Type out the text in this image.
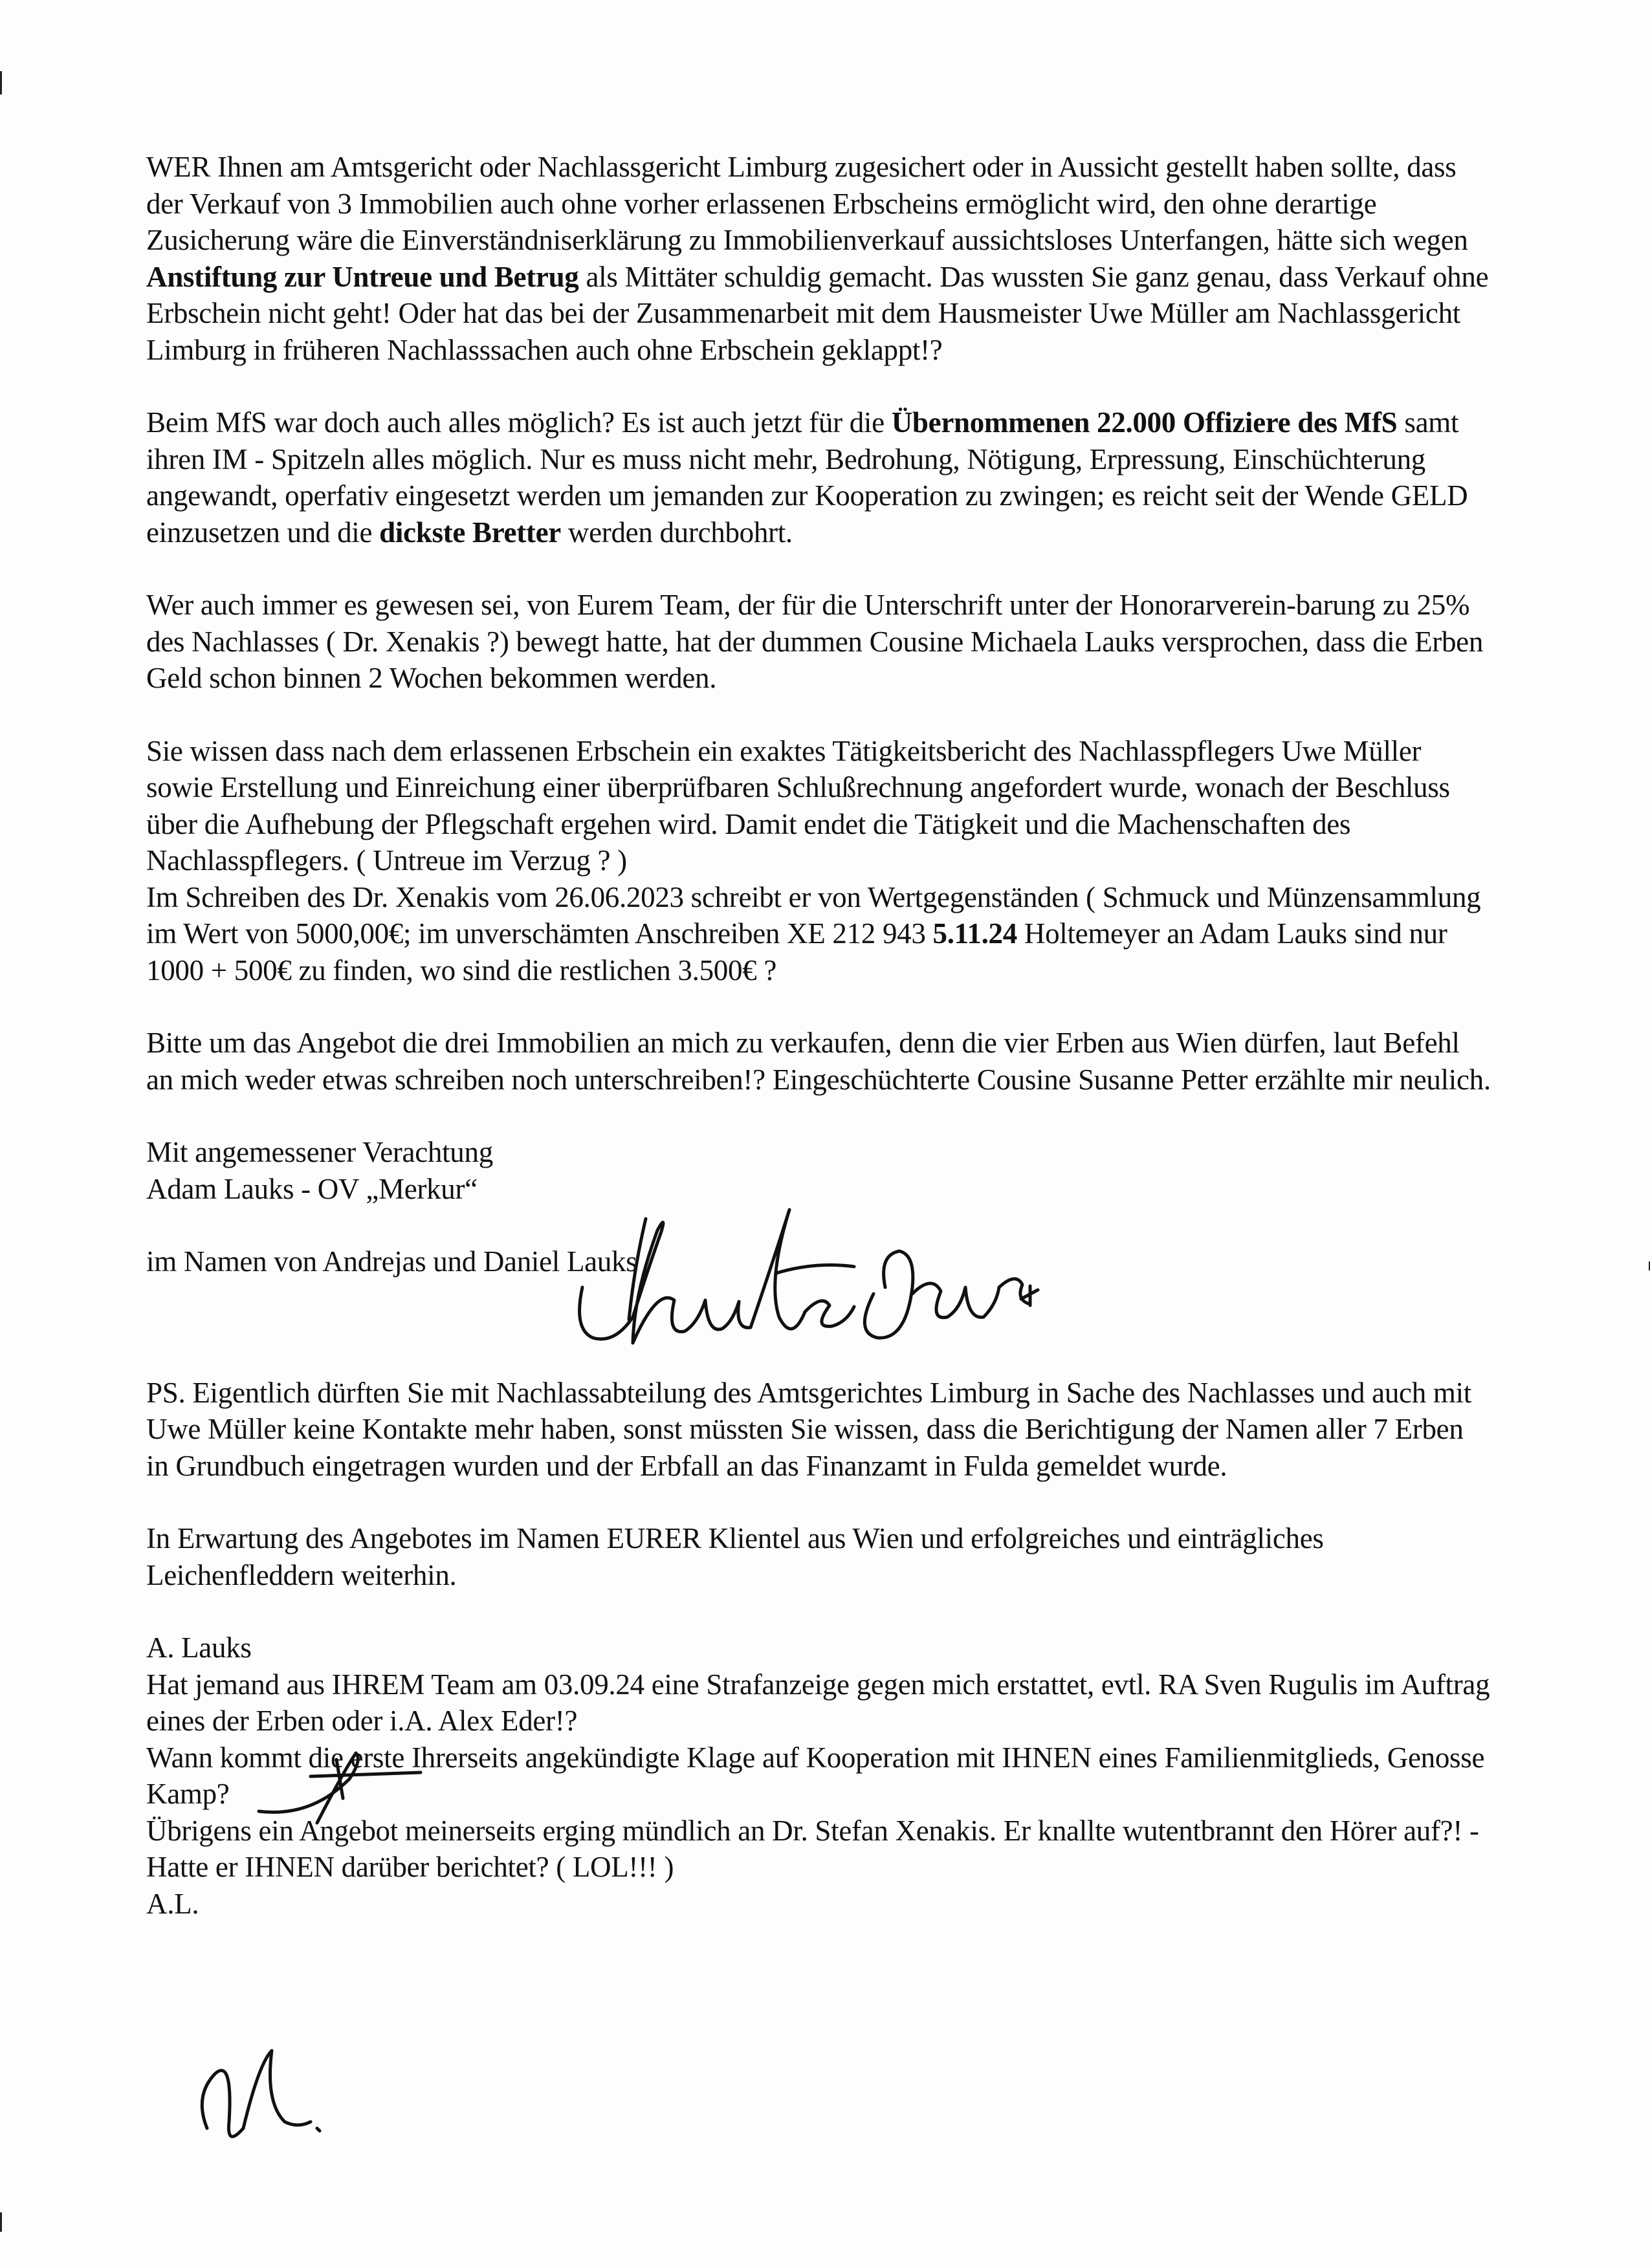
WER Ihnen am Amtsgericht oder Nachlassgericht Limburg zugesichert oder in Aussicht gestellt haben sollte, dass der Verkauf von 3 Immobilien auch ohne vorher erlassenen Erbscheins ermöglicht wird, den ohne derartige Zusicherung wäre die Einverständniserklärung zu Immobilienverkauf aussichtsloses Unterfangen, hätte sich wegen Anstiftung zur Untreue und Betrug als Mittäter schuldig gemacht. Das wussten Sie ganz genau, dass Verkauf ohne Erbschein nicht geht! Oder hat das bei der Zusammenarbeit mit dem Hausmeister Uwe Müller am Nachlassgericht Limburg in früheren Nachlasssachen auch ohne Erbschein geklappt!?

Beim MfS war doch auch alles möglich? Es ist auch jetzt für die Übernommenen 22.000 Offiziere des MfS samt ihren IM - Spitzeln alles möglich. Nur es muss nicht mehr, Bedrohung, Nötigung, Erpressung, Einschüchterung angewandt, operfativ eingesetzt werden um jemanden zur Kooperation zu zwingen; es reicht seit der Wende GELD einzusetzen und die dickste Bretter werden durchbohrt.

Wer auch immer es gewesen sei, von Eurem Team, der für die Unterschrift unter der Honorarverein-barung zu 25% des Nachlasses ( Dr. Xenakis ?) bewegt hatte, hat der dummen Cousine Michaela Lauks versprochen, dass die Erben Geld schon binnen 2 Wochen bekommen werden.

Sie wissen dass nach dem erlassenen Erbschein ein exaktes Tätigkeitsbericht des Nachlasspflegers Uwe Müller sowie Erstellung und Einreichung einer überprüfbaren Schlußrechnung angefordert wurde, wonach der Beschluss über die Aufhebung der Pflegschaft ergehen wird. Damit endet die Tätigkeit und die Machenschaften des Nachlasspflegers. ( Untreue im Verzug ? )

Im Schreiben des Dr. Xenakis vom 26.06.2023 schreibt er von Wertgegenständen ( Schmuck und Münzensammlung im Wert von 5000,00€; im unverschämten Anschreiben XE 212 943 5.11.24 Holtemeyer an Adam Lauks sind nur 1000 + 500€ zu finden, wo sind die restlichen 3.500€ ?

Bitte um das Angebot die drei Immobilien an mich zu verkaufen, denn die vier Erben aus Wien dürfen, laut Befehl an mich weder etwas schreiben noch unterschreiben!? Eingeschüchterte Cousine Susanne Petter erzählte mir neulich.

Mit angemessener Verachtung

Adam Lauks - OV „Merkur“

im Namen von Andrejas und Daniel Lauks

PS. Eigentlich dürften Sie mit Nachlassabteilung des Amtsgerichtes Limburg in Sache des Nachlasses und auch mit Uwe Müller keine Kontakte mehr haben, sonst müssten Sie wissen, dass die Berichtigung der Namen aller 7 Erben in Grundbuch eingetragen wurden und der Erbfall an das Finanzamt in Fulda gemeldet wurde.

In Erwartung des Angebotes im Namen EURER Klientel aus Wien und erfolgreiches und einträgliches Leichenfleddern weiterhin.

A. Lauks

Hat jemand aus IHREM Team am 03.09.24 eine Strafanzeige gegen mich erstattet, evtl. RA Sven Rugulis im Auftrag eines der Erben oder i.A. Alex Eder!?

Wann kommt die erste Ihrerseits angekündigte Klage auf Kooperation mit IHNEN eines Familienmitglieds, Genosse Kamp?

Übrigens ein Angebot meinerseits erging mündlich an Dr. Stefan Xenakis. Er knallte wutentbrannt den Hörer auf?! - Hatte er IHNEN darüber berichtet? ( LOL!!! )

A.L.
